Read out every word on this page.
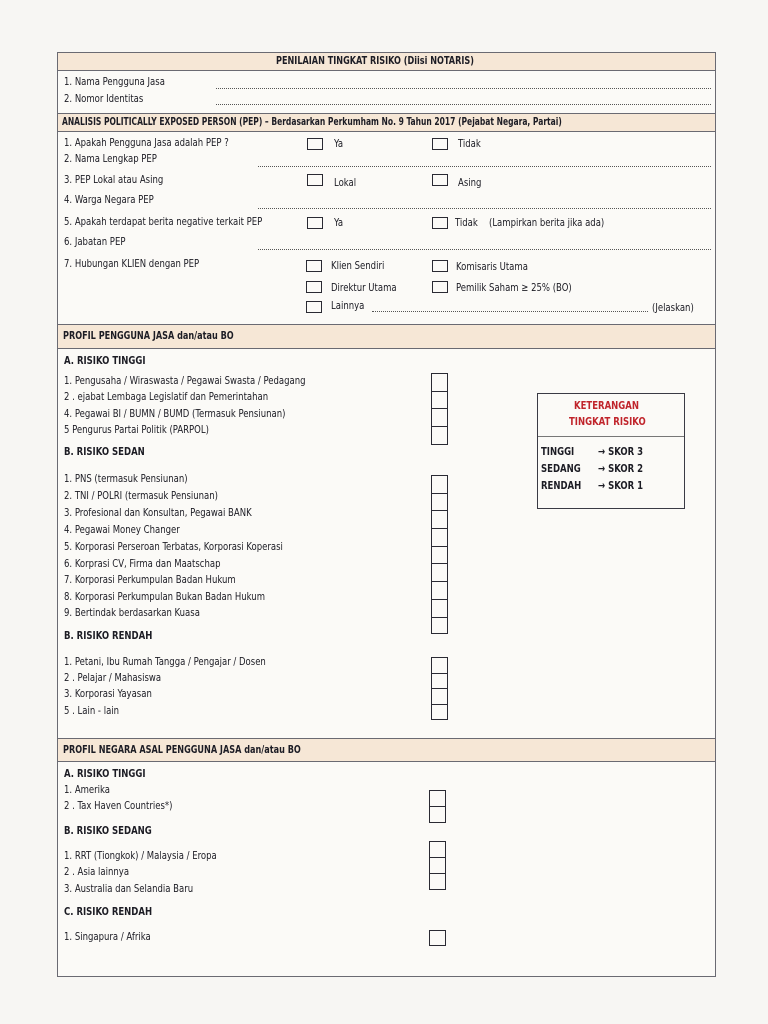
PENILAIAN TINGKAT RISIKO (Diisi NOTARIS)
1. Nama Pengguna Jasa
2. Nomor Identitas
ANALISIS POLITICALLY EXPOSED PERSON (PEP) – Berdasarkan Perkumham No. 9 Tahun 2017 (Pejabat Negara, Partai)
1. Apakah Pengguna Jasa adalah PEP ?	Ya	Tidak
2. Nama Lengkap PEP
3. PEP Lokal atau Asing	Lokal	Asing
4. Warga Negara PEP
5. Apakah terdapat berita negative terkait PEP	Ya	Tidak (Lampirkan berita jika ada)
6. Jabatan PEP
7. Hubungan KLIEN dengan PEP	Klien Sendiri	Komisaris Utama
Direktur Utama	Pemilik Saham ≥ 25% (BO)
Lainnya	(Jelaskan)
PROFIL PENGGUNA JASA dan/atau BO
A. RISIKO TINGGI
1. Pengusaha / Wiraswasta / Pegawai Swasta / Pedagang
2 . ejabat Lembaga Legislatif dan Pemerintahan
4. Pegawai BI / BUMN / BUMD (Termasuk Pensiunan)
5 Pengurus Partai Politik (PARPOL)
B. RISIKO SEDAN
1. PNS (termasuk Pensiunan)
2. TNI / POLRI (termasuk Pensiunan)
3. Profesional dan Konsultan, Pegawai BANK
4. Pegawai Money Changer
5. Korporasi Perseroan Terbatas, Korporasi Koperasi
6. Korprasi CV, Firma dan Maatschap
7. Korporasi Perkumpulan Badan Hukum
8. Korporasi Perkumpulan Bukan Badan Hukum
9. Bertindak berdasarkan Kuasa
B. RISIKO RENDAH
1. Petani, Ibu Rumah Tangga / Pengajar / Dosen
2 . Pelajar / Mahasiswa
3. Korporasi Yayasan
5 . Lain - lain
KETERANGAN
TINGKAT RISIKO
TINGGI → SKOR 3
SEDANG → SKOR 2
RENDAH → SKOR 1
PROFIL NEGARA ASAL PENGGUNA JASA dan/atau BO
A. RISIKO TINGGI
1. Amerika
2 . Tax Haven Countries*)
B. RISIKO SEDANG
1. RRT (Tiongkok) / Malaysia / Eropa
2 . Asia lainnya
3. Australia dan Selandia Baru
C. RISIKO RENDAH
1. Singapura / Afrika
